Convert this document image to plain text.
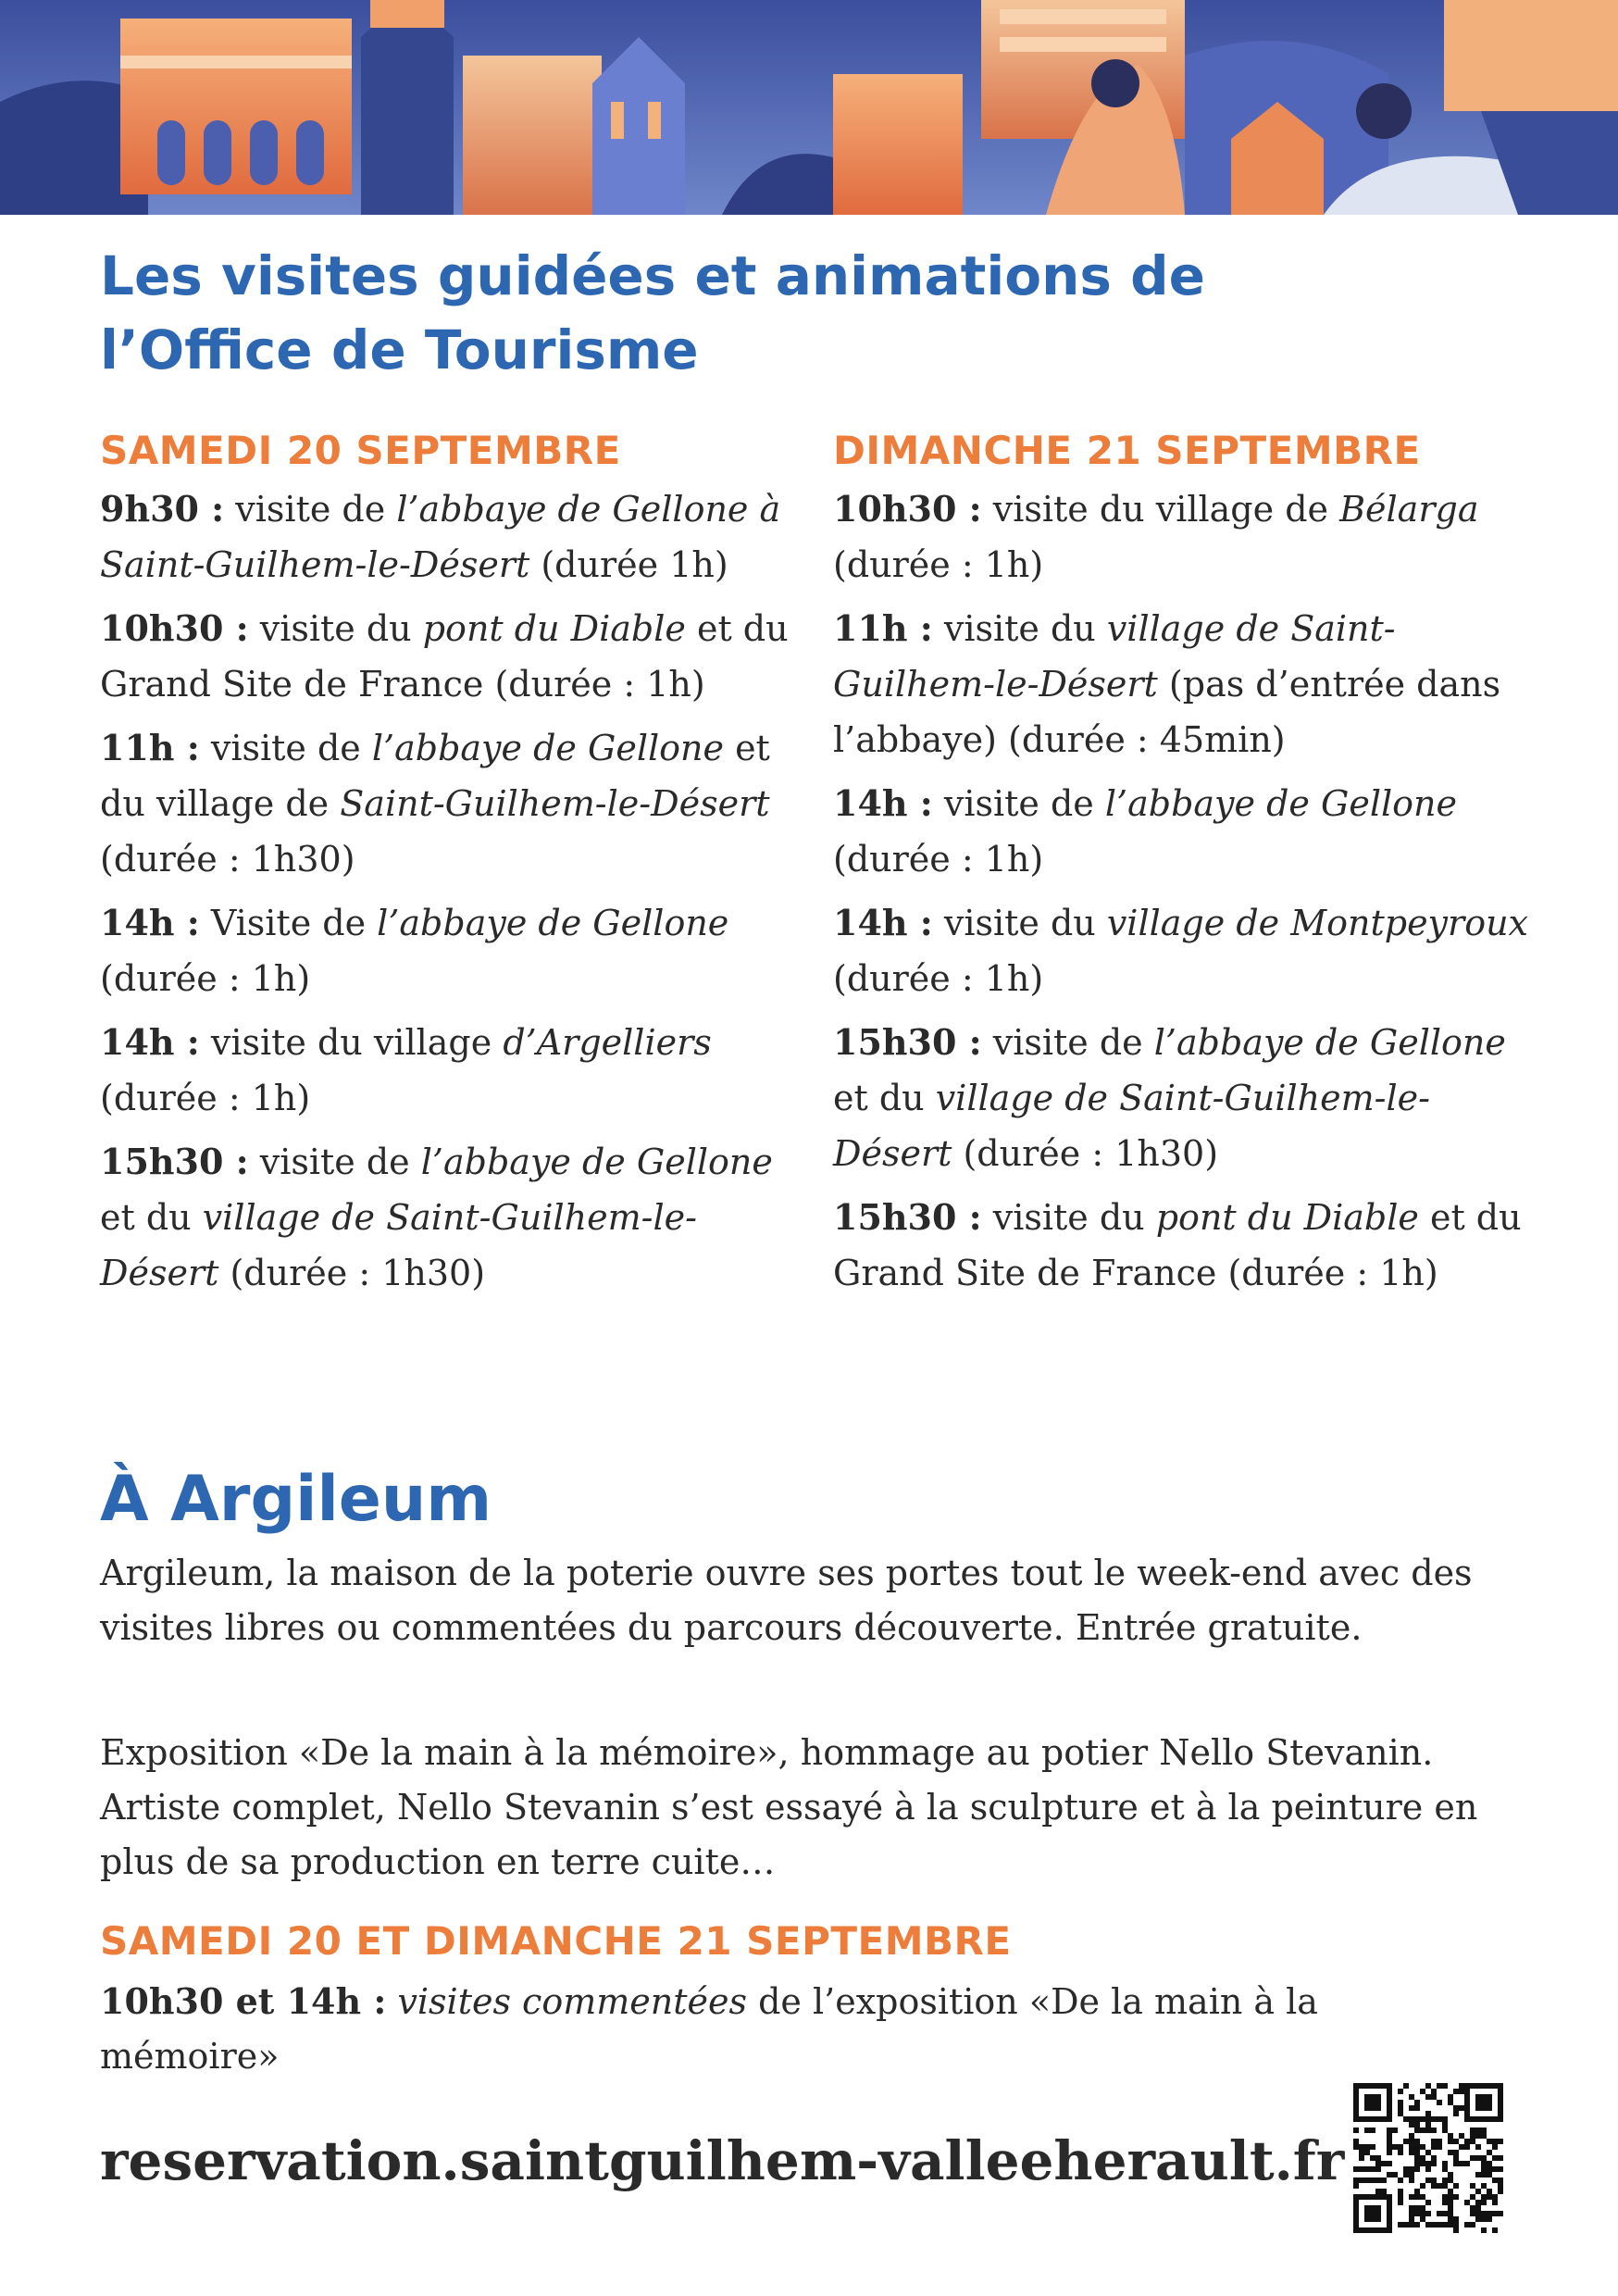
Les visites guidées et animations de
l’Office de Tourisme
SAMEDI 20 SEPTEMBRE

9h30 : visite de l’abbaye de Gellone à Saint-Guilhem-le-Désert (durée 1h)

10h30 : visite du pont du Diable et du Grand Site de France (durée : 1h)

11h : visite de l’abbaye de Gellone et du village de Saint-Guilhem-le-Désert (durée : 1h30)

14h : Visite de l’abbaye de Gellone (durée : 1h)

14h : visite du village d’Argelliers (durée : 1h)

15h30 : visite de l’abbaye de Gellone et du village de Saint-Guilhem-le-Désert (durée : 1h30)

DIMANCHE 21 SEPTEMBRE

10h30 : visite du village de Bélarga (durée : 1h)

11h : visite du village de Saint-Guilhem-le-Désert (pas d’entrée dans l’abbaye) (durée : 45min)

14h : visite de l’abbaye de Gellone (durée : 1h)

14h : visite du village de Montpeyroux (durée : 1h)

15h30 : visite de l’abbaye de Gellone et du village de Saint-Guilhem-le-Désert (durée : 1h30)

15h30 : visite du pont du Diable et du Grand Site de France (durée : 1h)

À Argileum

Argileum, la maison de la poterie ouvre ses portes tout le week-end avec des visites libres ou commentées du parcours découverte. Entrée gratuite.

Exposition «De la main à la mémoire», hommage au potier Nello Stevanin. Artiste complet, Nello Stevanin s’est essayé à la sculpture et à la peinture en plus de sa production en terre cuite…

SAMEDI 20 ET DIMANCHE 21 SEPTEMBRE

10h30 et 14h : visites commentées de l’exposition «De la main à la mémoire»

reservation.saintguilhem-valleeherault.fr
